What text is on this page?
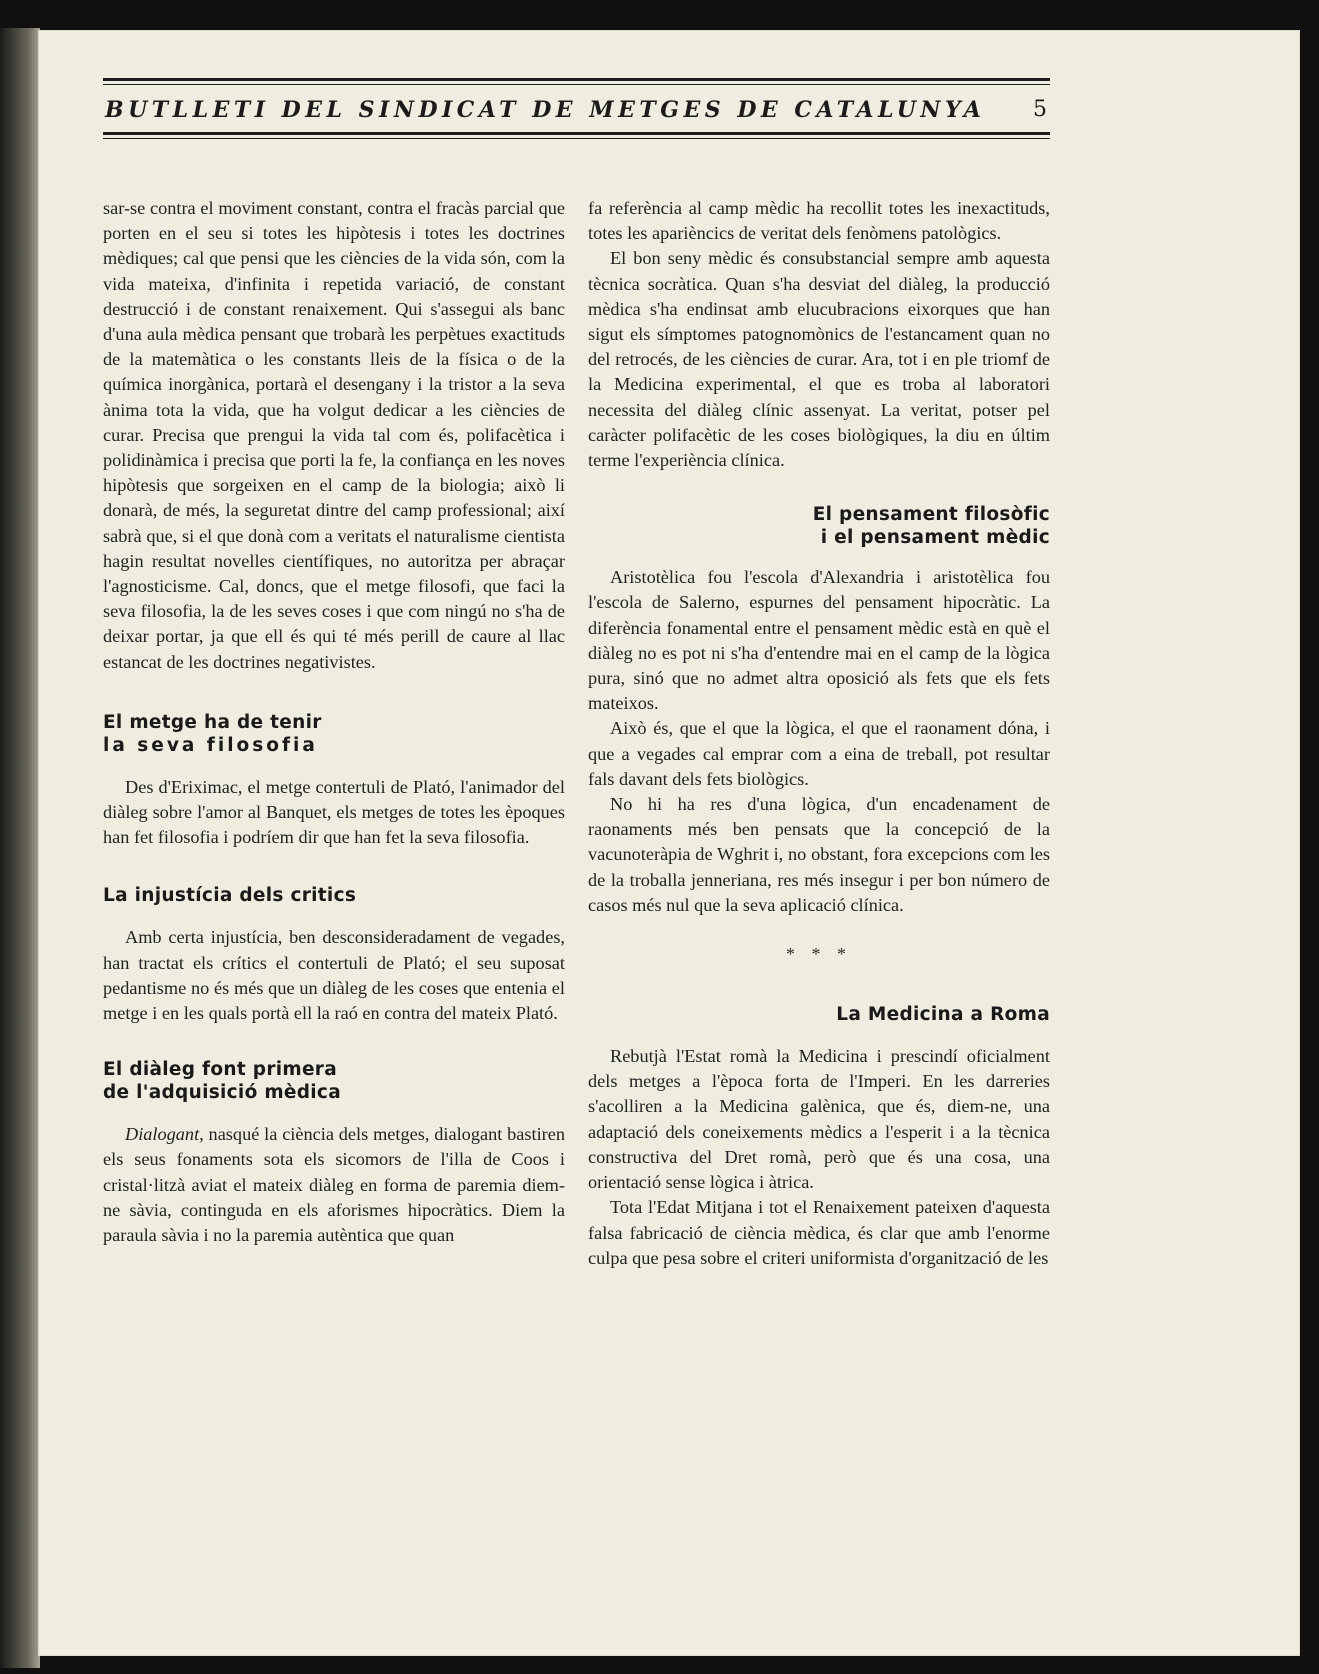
BUTLLETI DEL SINDICAT DE METGES DE CATALUNYA 5

sar-se contra el moviment constant, contra el fracàs parcial que porten en el seu si totes les hipòtesis i totes les doctrines mèdiques; cal que pensi que les ciències de la vida són, com la vida mateixa, d'infinita i repetida variació, de constant destrucció i de constant renaixement. Qui s'assegui als banc d'una aula mèdica pensant que trobarà les perpètues exactituds de la matemàtica o les constants lleis de la física o de la química inorgànica, portarà el desengany i la tristor a la seva ànima tota la vida, que ha volgut dedicar a les ciències de curar. Precisa que prengui la vida tal com és, polifacètica i polidinàmica i precisa que porti la fe, la confiança en les noves hipòtesis que sorgeixen en el camp de la biologia; això li donarà, de més, la seguretat dintre del camp professional; així sabrà que, si el que donà com a veritats el naturalisme cientista hagin resultat novelles científiques, no autoritza per abraçar l'agnosticisme. Cal, doncs, que el metge filosofi, que faci la seva filosofia, la de les seves coses i que com ningú no s'ha de deixar portar, ja que ell és qui té més perill de caure al llac estancat de les doctrines negativistes.

El metge ha de tenir
la seva filosofia

Des d'Eriximac, el metge contertuli de Plató, l'animador del diàleg sobre l'amor al Banquet, els metges de totes les èpoques han fet filosofia i podríem dir que han fet la seva filosofia.

La injustícia dels critics

Amb certa injustícia, ben desconsideradament de vegades, han tractat els crítics el contertuli de Plató; el seu suposat pedantisme no és més que un diàleg de les coses que entenia el metge i en les quals portà ell la raó en contra del mateix Plató.

El diàleg font primera
de l'adquisició mèdica

Dialogant, nasqué la ciència dels metges, dialogant bastiren els seus fonaments sota els sicomors de l'illa de Coos i cristal·litzà aviat el mateix diàleg en forma de paremia diem-ne sàvia, continguda en els aforismes hipocràtics. Diem la paraula sàvia i no la paremia autèntica que quan

fa referència al camp mèdic ha recollit totes les inexactituds, totes les aparièncics de veritat dels fenòmens patològics.

El bon seny mèdic és consubstancial sempre amb aquesta tècnica socràtica. Quan s'ha desviat del diàleg, la producció mèdica s'ha endinsat amb elucubracions eixorques que han sigut els símptomes patognomònics de l'estancament quan no del retrocés, de les ciències de curar. Ara, tot i en ple triomf de la Medicina experimental, el que es troba al laboratori necessita del diàleg clínic assenyat. La veritat, potser pel caràcter polifacètic de les coses biològiques, la diu en últim terme l'experiència clínica.

El pensament filosòfic
i el pensament mèdic

Aristotèlica fou l'escola d'Alexandria i aristotèlica fou l'escola de Salerno, espurnes del pensament hipocràtic. La diferència fonamental entre el pensament mèdic està en què el diàleg no es pot ni s'ha d'entendre mai en el camp de la lògica pura, sinó que no admet altra oposició als fets que els fets mateixos.

Això és, que el que la lògica, el que el raonament dóna, i que a vegades cal emprar com a eina de treball, pot resultar fals davant dels fets biològics.

No hi ha res d'una lògica, d'un encadenament de raonaments més ben pensats que la concepció de la vacunoteràpia de Wghrit i, no obstant, fora excepcions com les de la troballa jenneriana, res més insegur i per bon número de casos més nul que la seva aplicació clínica.

* * *
La Medicina a Roma

Rebutjà l'Estat romà la Medicina i prescindí oficialment dels metges a l'època forta de l'Imperi. En les darreries s'acolliren a la Medicina galènica, que és, diem-ne, una adaptació dels coneixements mèdics a l'esperit i a la tècnica constructiva del Dret romà, però que és una cosa, una orientació sense lògica i àtrica.

Tota l'Edat Mitjana i tot el Renaixement pateixen d'aquesta falsa fabricació de ciència mèdica, és clar que amb l'enorme culpa que pesa sobre el criteri uniformista d'organització de les
